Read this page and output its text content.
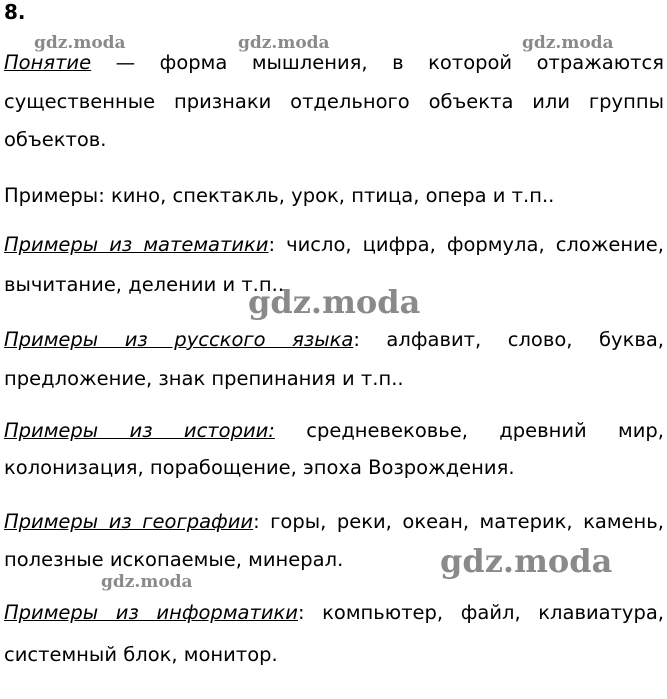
8.
Понятие — форма мышления, в которой отражаются
существенные признаки отдельного объекта или группы
объектов.
Примеры: кино, спектакль, урок, птица, опера и т.п..
Примеры из математики: число, цифра, формула, сложение,
вычитание, делении и т.п..
Примеры из русского языка: алфавит, слово, буква,
предложение, знак препинания и т.п..
Примеры из истории: средневековье, древний мир,
колонизация, порабощение, эпоха Возрождения.
Примеры из географии: горы, реки, океан, материк, камень,
полезные ископаемые, минерал.
Примеры из информатики: компьютер, файл, клавиатура,
системный блок, монитор.
gdz.moda	gdz.moda	gdz.moda
gdz.moda
gdz.moda
gdz.moda
